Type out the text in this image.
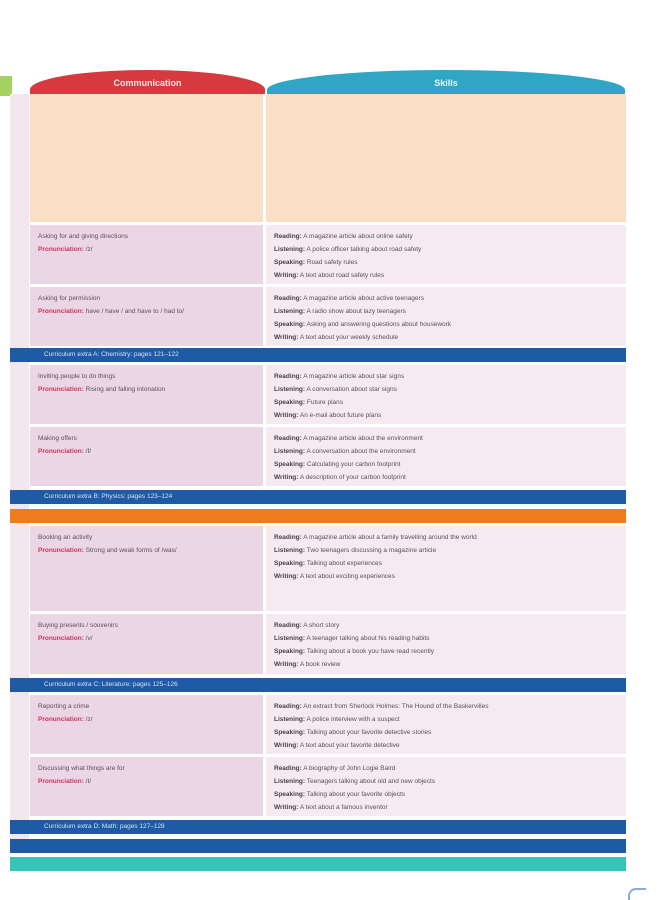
Communication	Skills
Asking for and giving directions
Pronunciation: /z/
Reading: A magazine article about online safety
Listening: A police officer talking about road safety
Speaking: Road safety rules
Writing: A text about road safety rules
Asking for permission
Pronunciation: have / have / and have to / had to/
Reading: A magazine article about active teenagers
Listening: A radio show about lazy teenagers
Speaking: Asking and answering questions about housework
Writing: A text about your weekly schedule
Curriculum extra A: Chemistry: pages 121–122
Inviting people to do things
Pronunciation: Rising and falling intonation
Reading: A magazine article about star signs
Listening: A conversation about star signs
Speaking: Future plans
Writing: An e-mail about future plans
Making offers
Pronunciation: /f/
Reading: A magazine article about the environment
Listening: A conversation about the environment
Speaking: Calculating your carbon footprint
Writing: A description of your carbon footprint
Curriculum extra B: Physics: pages 123–124
Booking an activity
Pronunciation: Strong and weak forms of /was/
Reading: A magazine article about a family travelling around the world
Listening: Two teenagers discussing a magazine article
Speaking: Talking about experiences
Writing: A text about exciting experiences
Buying presents / souvenirs
Pronunciation: /v/
Reading: A short story
Listening: A teenager talking about his reading habits
Speaking: Talking about a book you have read recently
Writing: A book review
Curriculum extra C: Literature: pages 125–126
Reporting a crime
Pronunciation: /z/
Reading: An extract from Sherlock Holmes: The Hound of the Baskervilles
Listening: A police interview with a suspect
Speaking: Talking about your favorite detective stories
Writing: A text about your favorite detective
Discussing what things are for
Pronunciation: /t/
Reading: A biography of John Logie Baird
Listening: Teenagers talking about old and new objects
Speaking: Talking about your favorite objects
Writing: A text about a famous inventor
Curriculum extra D: Math: pages 127–128
